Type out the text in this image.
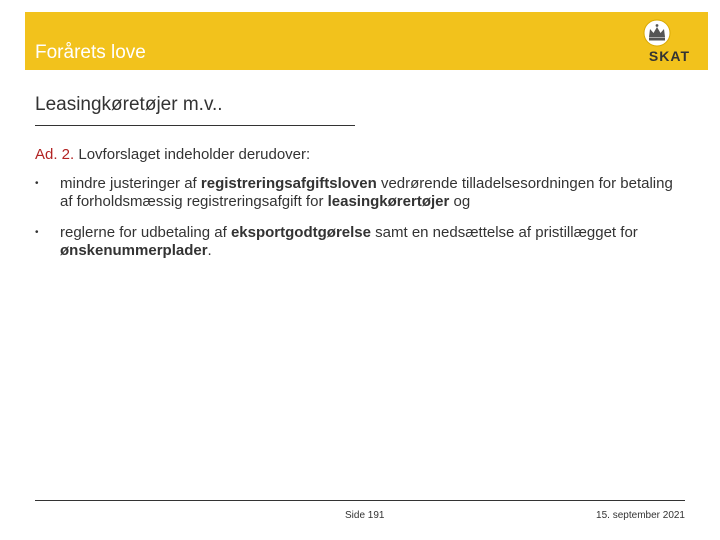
Forårets love	SKAT
Leasingkøretøjer m.v..
Ad. 2. Lovforslaget indeholder derudover:
• mindre justeringer af registreringsafgiftsloven vedrørende tilladelsesordningen for betaling af forholdsmæssig registreringsafgift for leasingkørertøjer og
• reglerne for udbetaling af eksportgodtgørelse samt en nedsættelse af pristillægget for ønskenummerplader.
Side 191	15. september 2021
